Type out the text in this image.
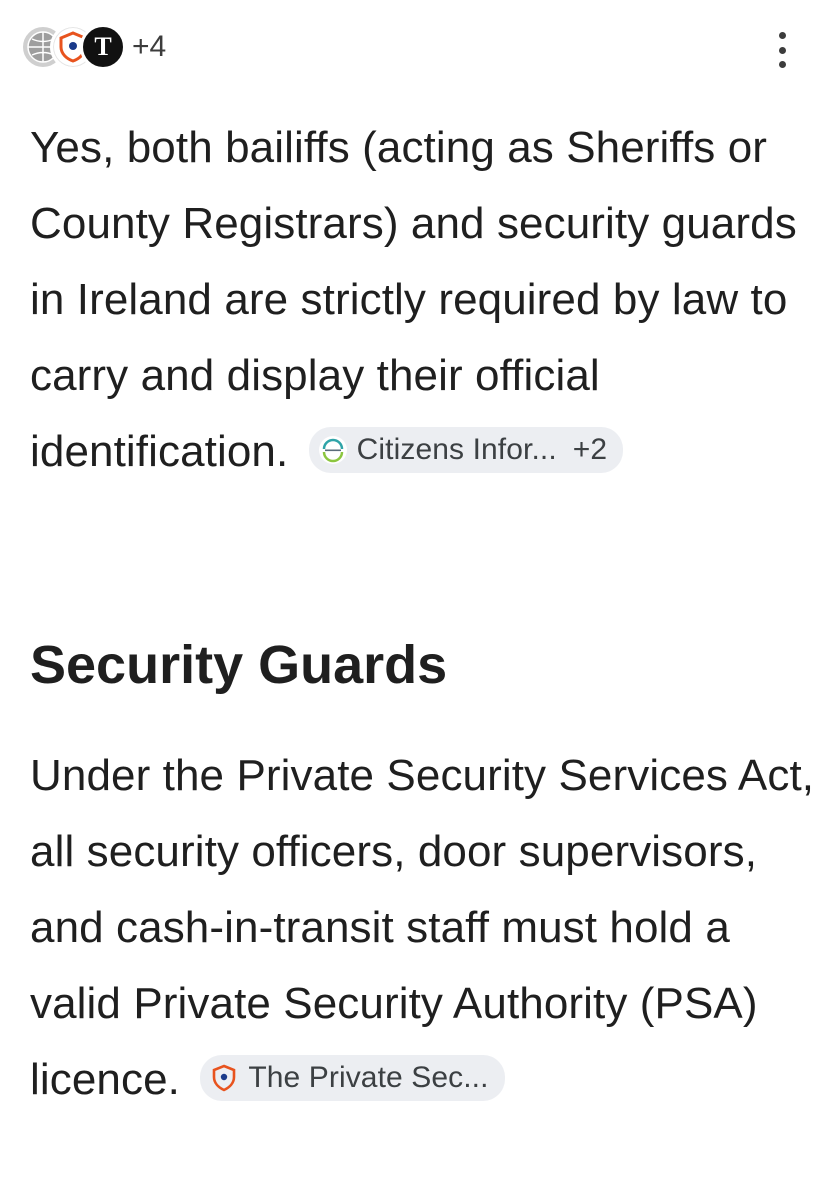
T +4

Yes, both bailiffs (acting as Sheriffs or County Registrars) and security guards in Ireland are strictly required by law to carry and display their official identification. Citizens Infor... +2

Security Guards

Under the Private Security Services Act, all security officers, door supervisors, and cash-in-transit staff must hold a valid Private Security Authority (PSA) licence. The Private Sec...
